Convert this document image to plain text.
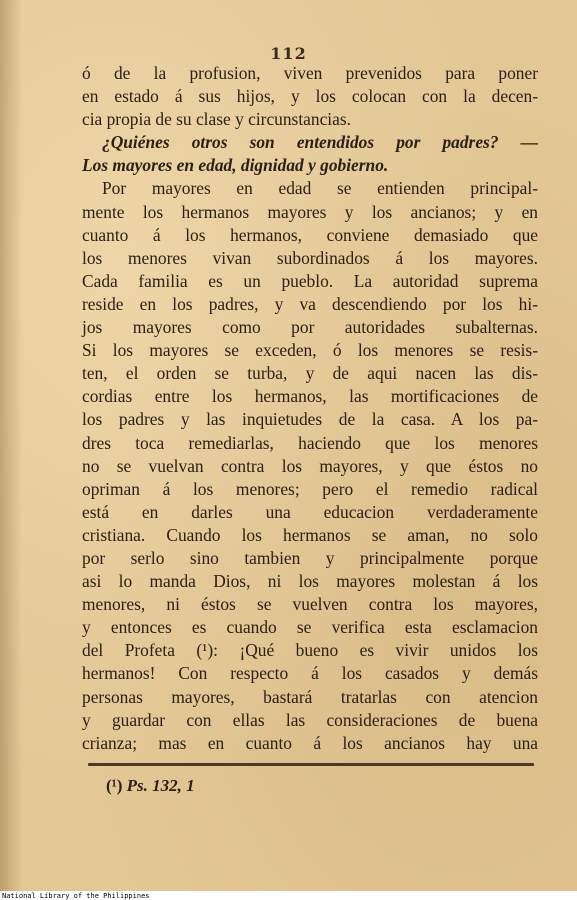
112
ó de la profusion, viven prevenidos para poner
en estado á sus hijos, y los colocan con la decen-
cia propia de su clase y circunstancias.
¿Quiénes otros son entendidos por padres? —
Los mayores en edad, dignidad y gobierno.
Por mayores en edad se entienden principal-
mente los hermanos mayores y los ancianos; y en
cuanto á los hermanos, conviene demasiado que
los menores vivan subordinados á los mayores.
Cada familia es un pueblo. La autoridad suprema
reside en los padres, y va descendiendo por los hi-
jos mayores como por autoridades subalternas.
Si los mayores se exceden, ó los menores se resis-
ten, el orden se turba, y de aqui nacen las dis-
cordias entre los hermanos, las mortificaciones de
los padres y las inquietudes de la casa. A los pa-
dres toca remediarlas, haciendo que los menores
no se vuelvan contra los mayores, y que éstos no
opriman á los menores; pero el remedio radical
está en darles una educacion verdaderamente
cristiana. Cuando los hermanos se aman, no solo
por serlo sino tambien y principalmente porque
asi lo manda Dios, ni los mayores molestan á los
menores, ni éstos se vuelven contra los mayores,
y entonces es cuando se verifica esta esclamacion
del Profeta (¹): ¡Qué bueno es vivir unidos los
hermanos! Con respecto á los casados y demás
personas mayores, bastará tratarlas con atencion
y guardar con ellas las consideraciones de buena
crianza; mas en cuanto á los ancianos hay una
(¹) Ps. 132, 1
National Library of the Philippines
